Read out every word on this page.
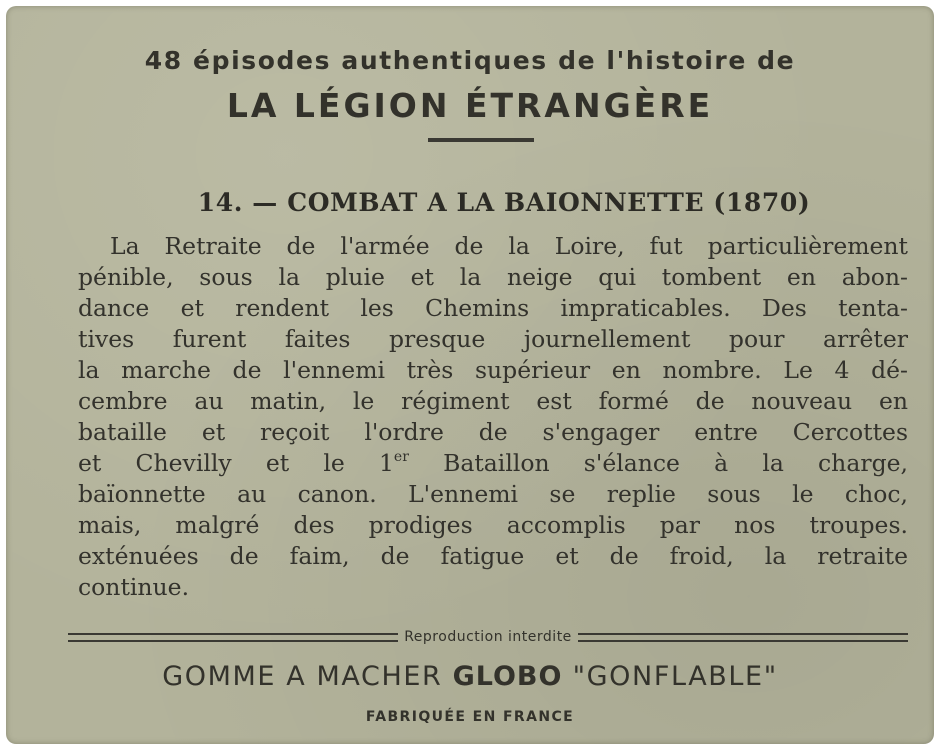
48 épisodes authentiques de l'histoire de
LA LÉGION ÉTRANGÈRE
14. — COMBAT A LA BAIONNETTE (1870)
La Retraite de l'armée de la Loire, fut particulièrement
pénible, sous la pluie et la neige qui tombent en abon-
dance et rendent les Chemins impraticables. Des tenta-
tives furent faites presque journellement pour arrêter
la marche de l'ennemi très supérieur en nombre. Le 4 dé-
cembre au matin, le régiment est formé de nouveau en
bataille et reçoit l'ordre de s'engager entre Cercottes
et Chevilly et le 1er Bataillon s'élance à la charge,
baïonnette au canon. L'ennemi se replie sous le choc,
mais, malgré des prodiges accomplis par nos troupes.
exténuées de faim, de fatigue et de froid, la retraite
continue.
Reproduction interdite
GOMME A MACHER GLOBO "GONFLABLE"
FABRIQUÉE EN FRANCE
